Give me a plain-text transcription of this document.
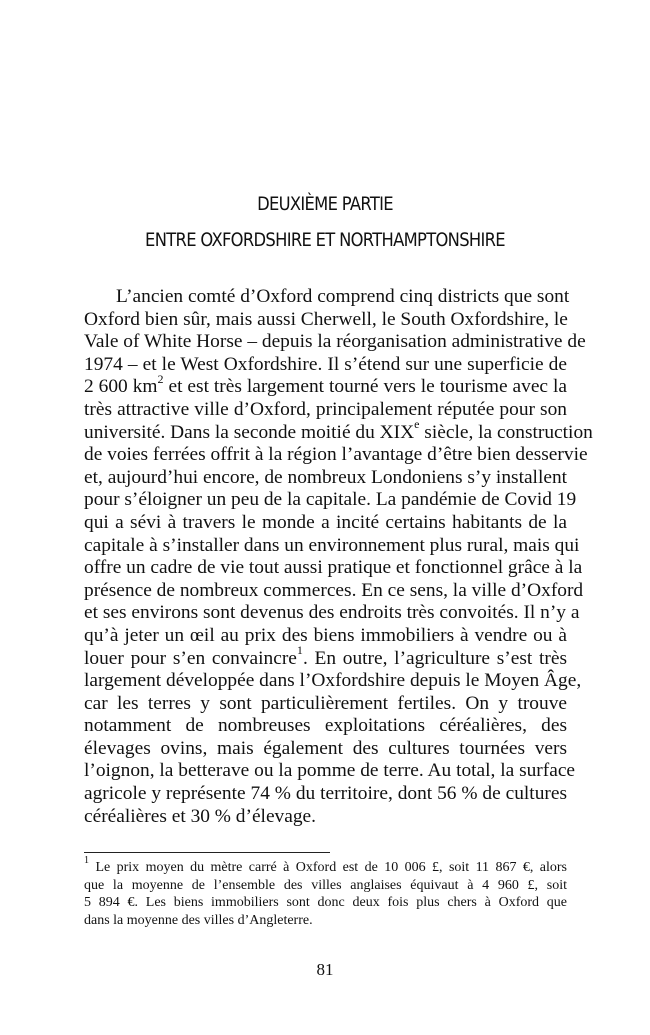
DEUXIÈME PARTIE
ENTRE OXFORDSHIRE ET NORTHAMPTONSHIRE
L’ancien comté d’Oxford comprend cinq districts que sont
Oxford bien sûr, mais aussi Cherwell, le South Oxfordshire, le
Vale of White Horse – depuis la réorganisation administrative de
1974 – et le West Oxfordshire. Il s’étend sur une superficie de
2 600 $km^2$ et est très largement tourné vers le tourisme avec la
très attractive ville d’Oxford, principalement réputée pour son
université. Dans la seconde moitié du XIXe siècle, la construction
de voies ferrées offrit à la région l’avantage d’être bien desservie
et, aujourd’hui encore, de nombreux Londoniens s’y installent
pour s’éloigner un peu de la capitale. La pandémie de Covid 19
qui a sévi à travers le monde a incité certains habitants de la
capitale à s’installer dans un environnement plus rural, mais qui
offre un cadre de vie tout aussi pratique et fonctionnel grâce à la
présence de nombreux commerces. En ce sens, la ville d’Oxford
et ses environs sont devenus des endroits très convoités. Il n’y a
qu’à jeter un œil au prix des biens immobiliers à vendre ou à
louer pour s’en convaincre$^1$. En outre, l’agriculture s’est très
largement développée dans l’Oxfordshire depuis le Moyen Âge,
car les terres y sont particulièrement fertiles. On y trouve
notamment de nombreuses exploitations céréalières, des
élevages ovins, mais également des cultures tournées vers
l’oignon, la betterave ou la pomme de terre. Au total, la surface
agricole y représente 74 % du territoire, dont 56 % de cultures
céréalières et 30 % d’élevage.
$^1$ Le prix moyen du mètre carré à Oxford est de 10 006 £, soit 11 867 €, alors
que la moyenne de l’ensemble des villes anglaises équivaut à 4 960 £, soit
5 894 €. Les biens immobiliers sont donc deux fois plus chers à Oxford que
dans la moyenne des villes d’Angleterre.
81
